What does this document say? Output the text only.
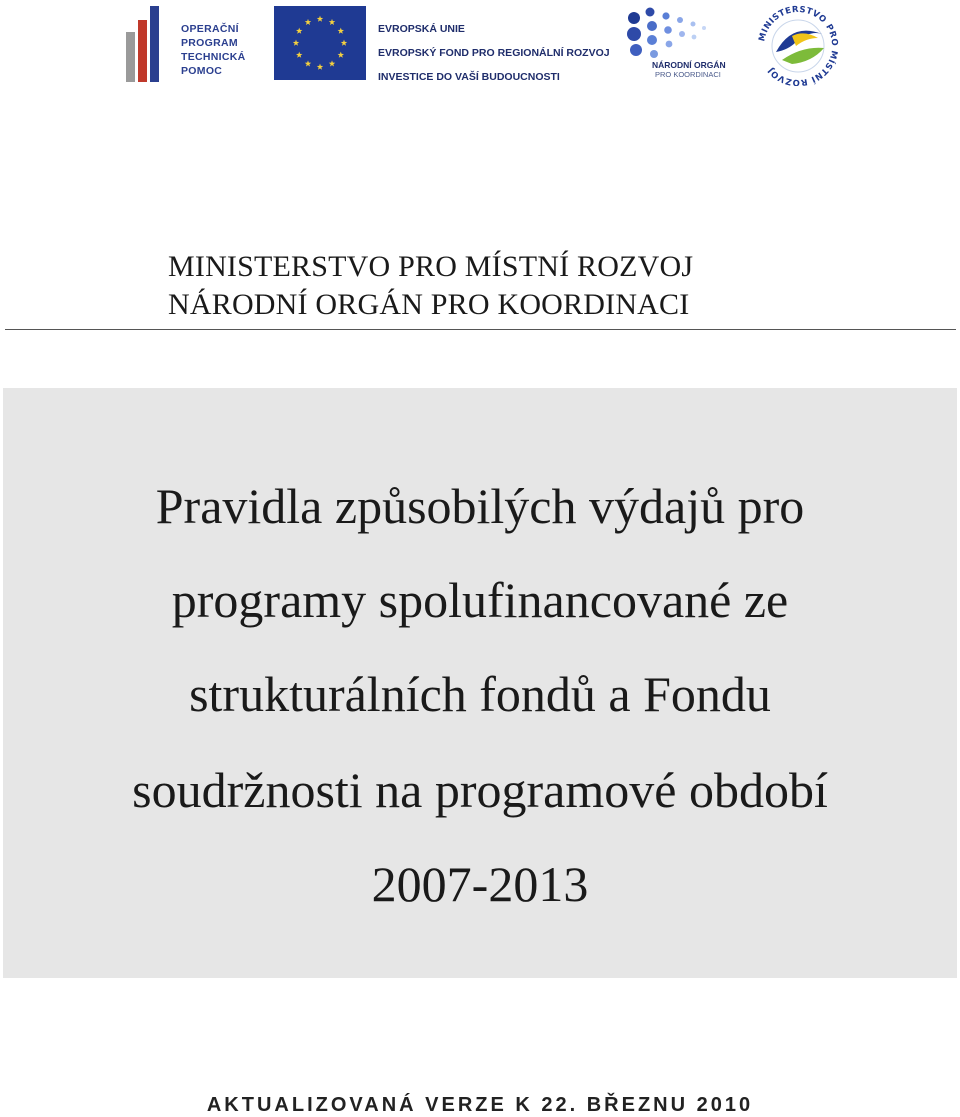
OPERAČNÍ
PROGRAM
TECHNICKÁ
POMOC
EVROPSKÁ UNIE
EVROPSKÝ FOND PRO REGIONÁLNÍ ROZVOJ
INVESTICE DO VAŠÍ BUDOUCNOSTI
NÁRODNÍ ORGÁN
PRO KOORDINACI
MINISTERSTVO PRO MÍSTNÍ ROZVOJ
MINISTERSTVO PRO MÍSTNÍ ROZVOJ
NÁRODNÍ ORGÁN PRO KOORDINACI
Pravidla způsobilých výdajů pro
programy spolufinancované ze
strukturálních fondů a Fondu
soudržnosti na programové období
2007-2013
AKTUALIZOVANÁ VERZE K 22. BŘEZNU 2010
